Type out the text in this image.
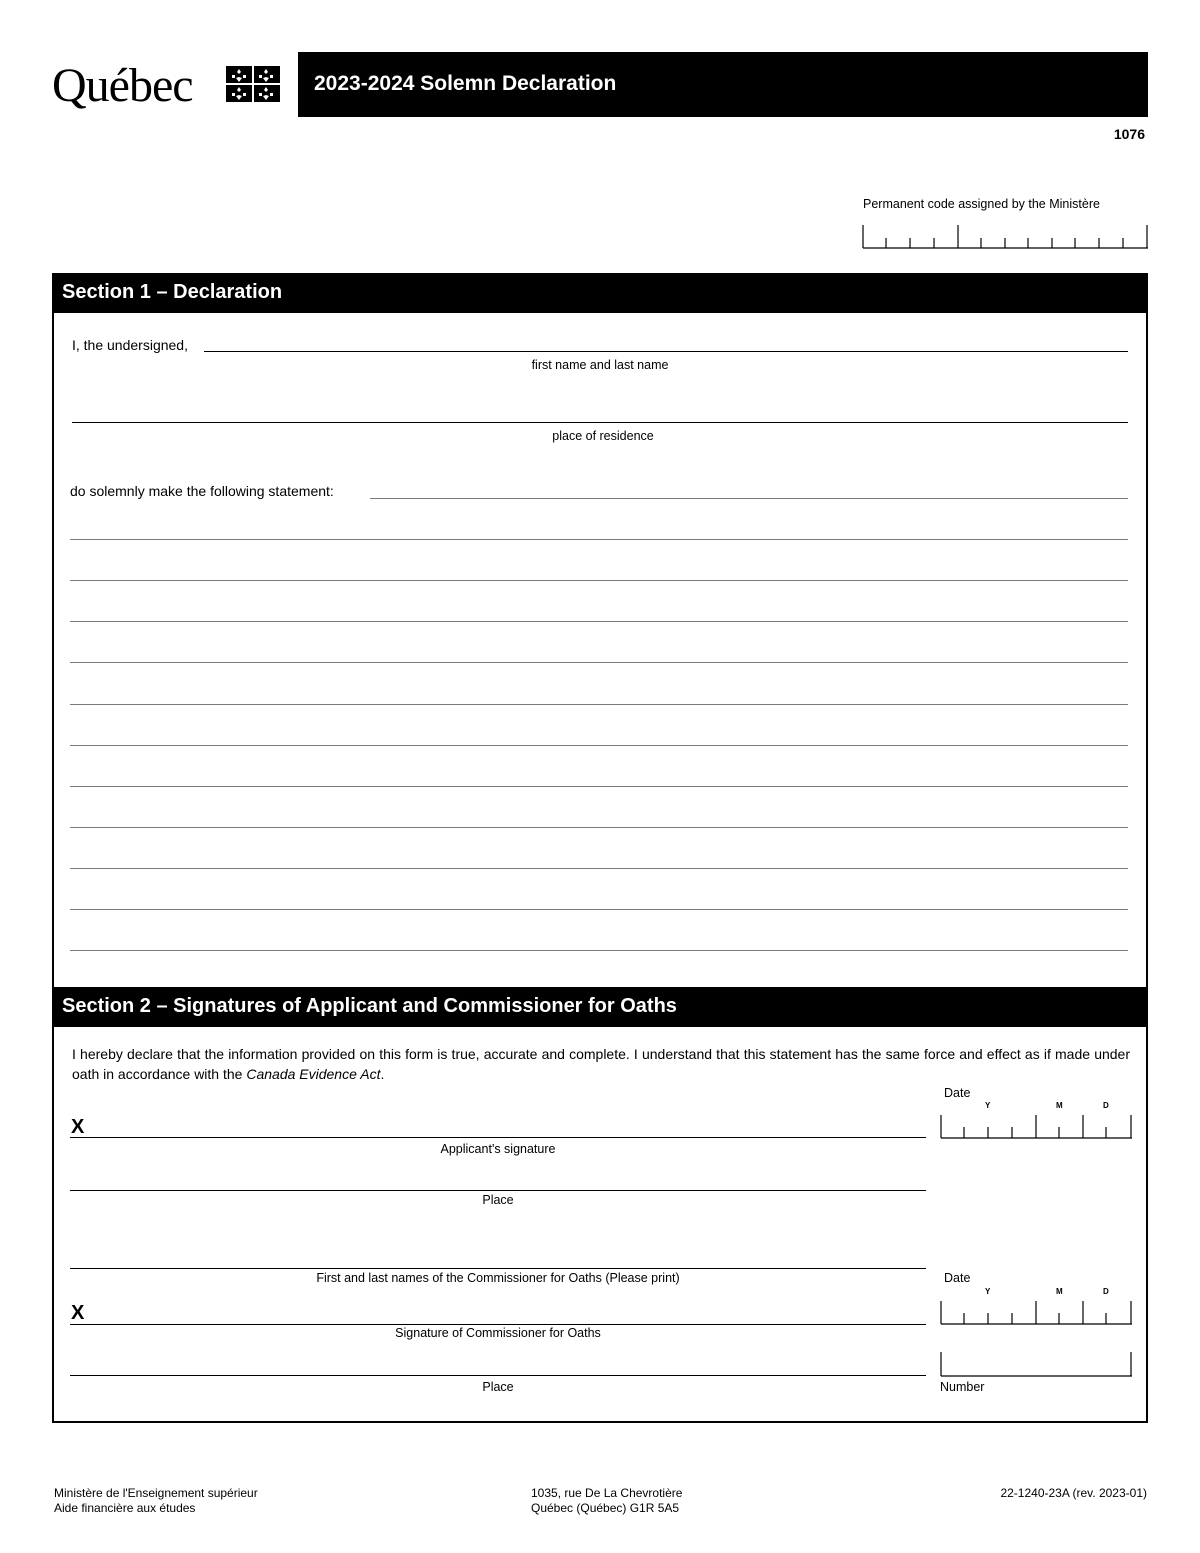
Québec	2023-2024 Solemn Declaration
1076
Permanent code assigned by the Ministère
Section 1 – Declaration
I, the undersigned,
first name and last name
place of residence
do solemnly make the following statement:
Section 2 – Signatures of Applicant and Commissioner for Oaths
I hereby declare that the information provided on this form is true, accurate and complete. I understand that this statement has the same force and effect as if made under oath in accordance with the Canada Evidence Act.
X
Applicant's signature
Date
Y	M	D
Place
First and last names of the Commissioner for Oaths (Please print)
X
Signature of Commissioner for Oaths
Date
Y	M	D
Place	Number
Ministère de l'Enseignement supérieur
Aide financière aux études
1035, rue De La Chevrotière
Québec (Québec) G1R 5A5
22-1240-23A (rev. 2023-01)
